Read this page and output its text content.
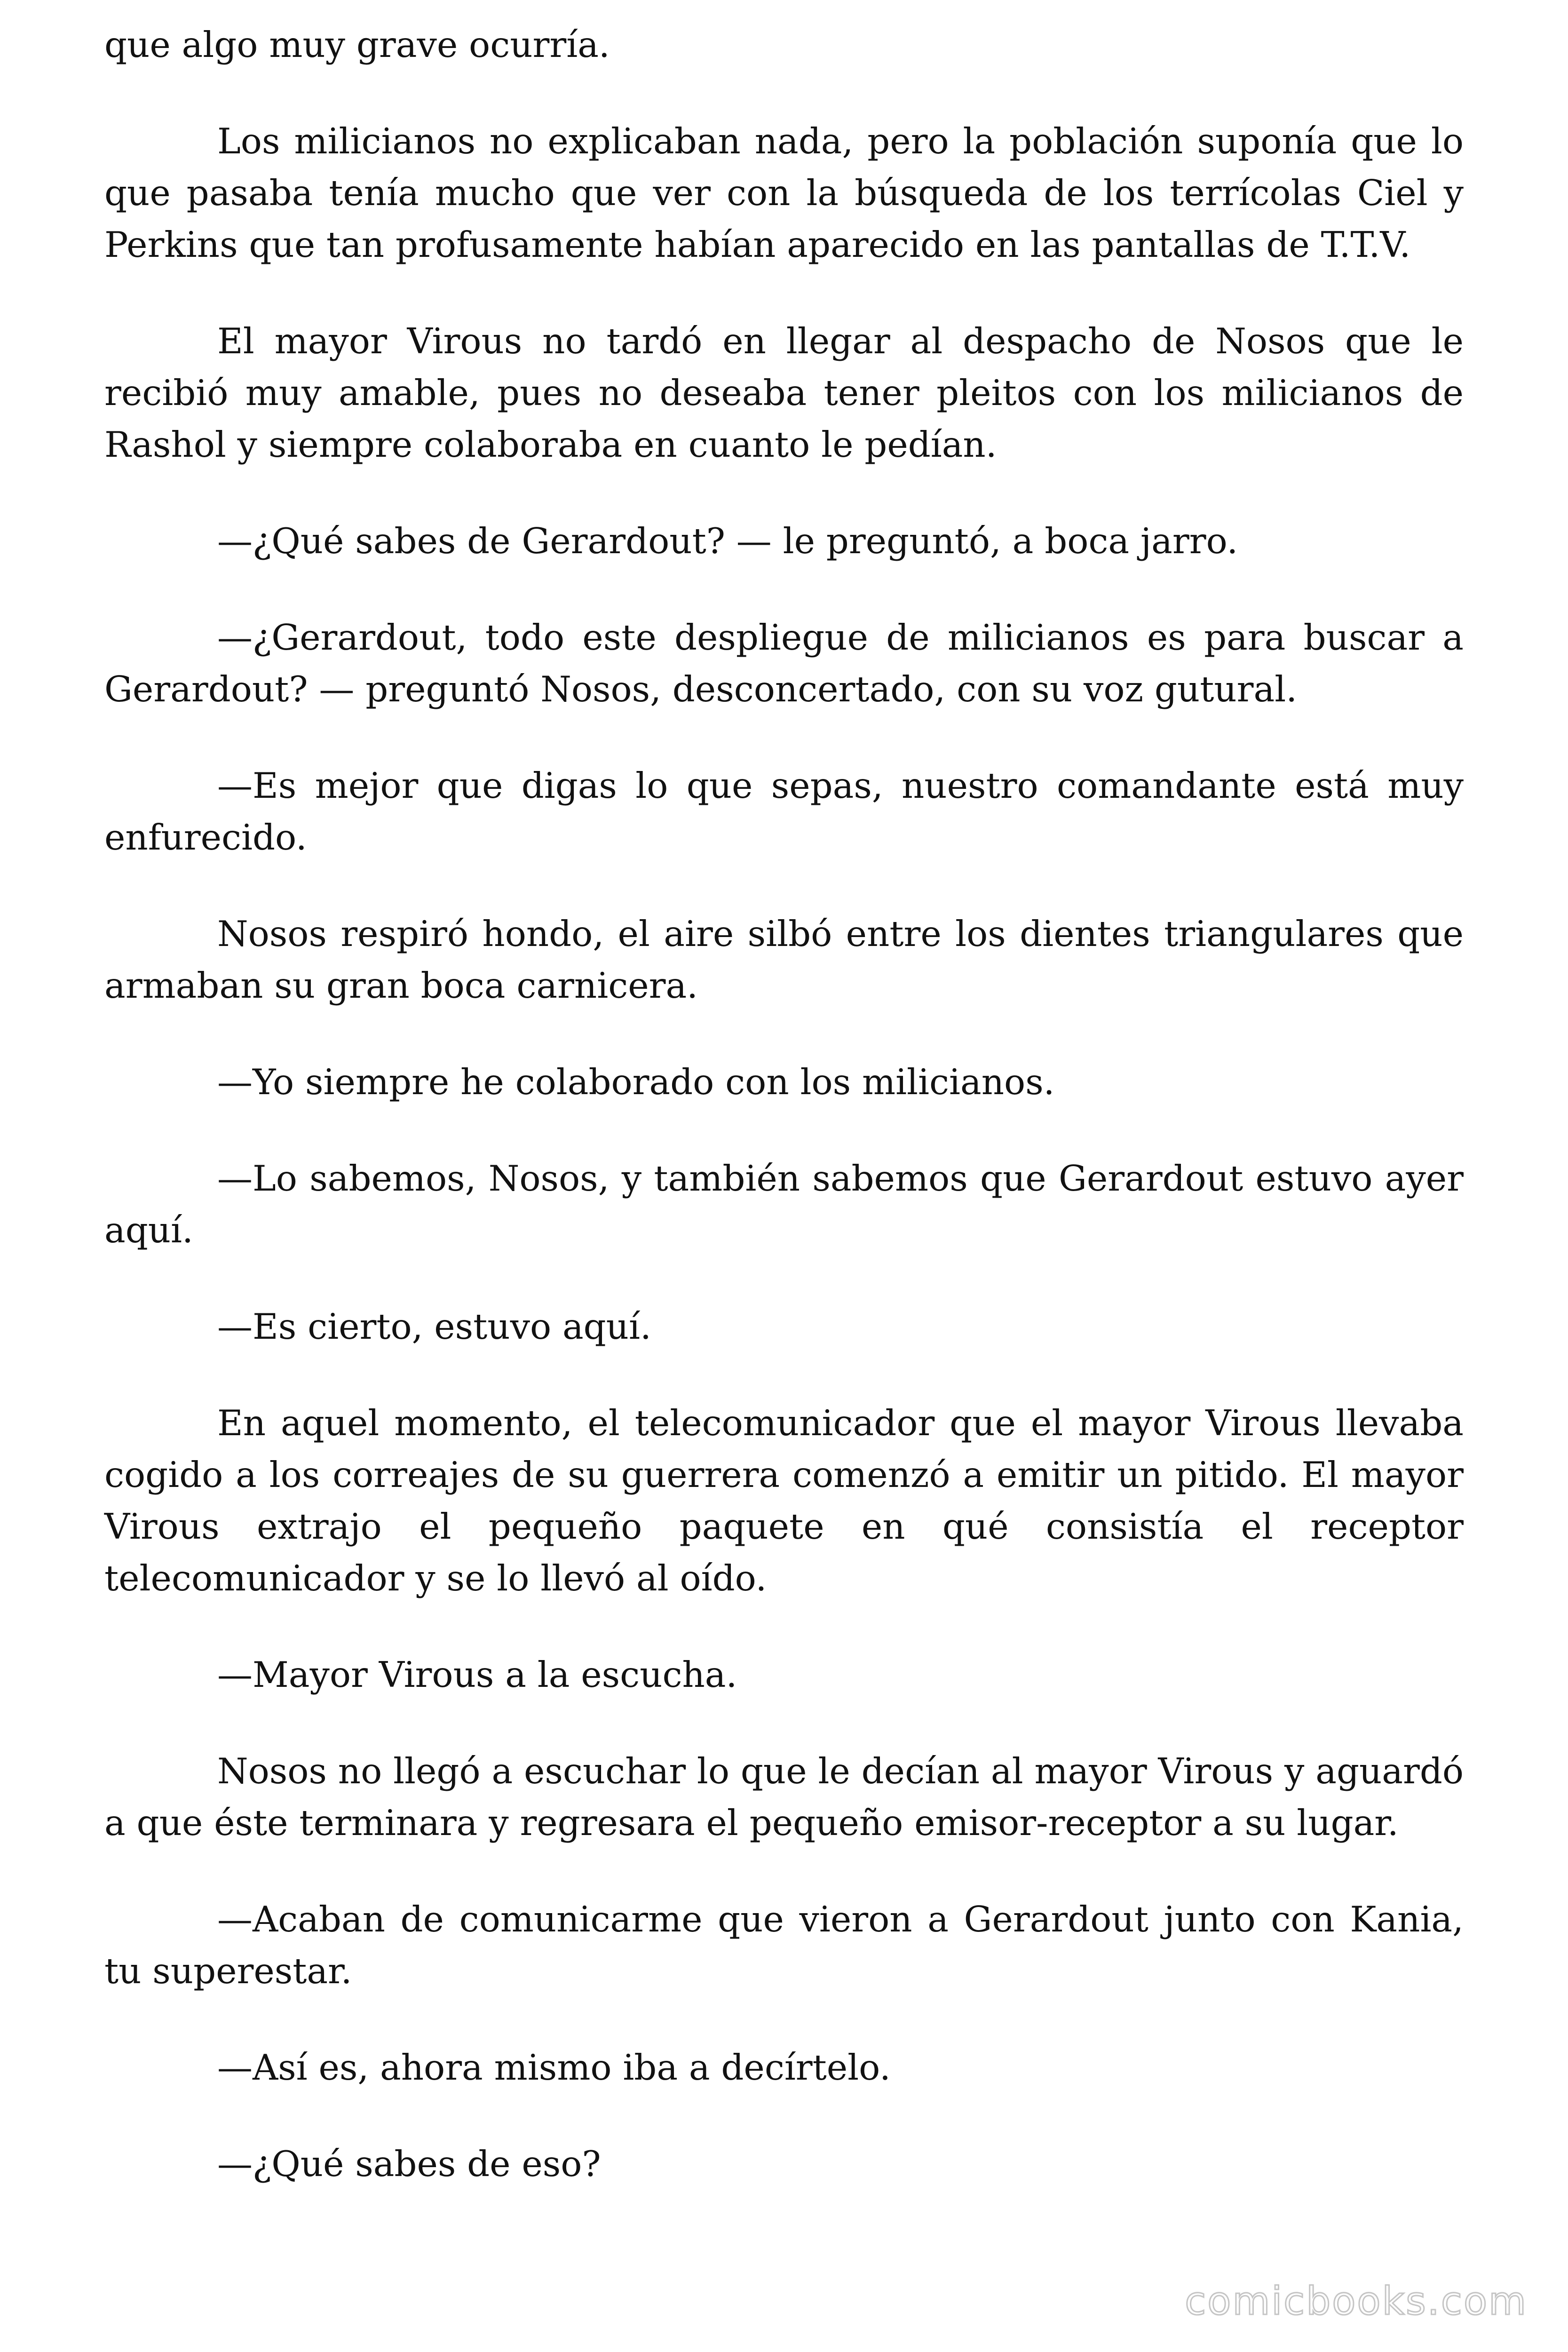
que algo muy grave ocurría.

Los milicianos no explicaban nada, pero la población suponía que lo que pasaba tenía mucho que ver con la búsqueda de los terrícolas Ciel y Perkins que tan profusamente habían aparecido en las pantallas de T.T.V.

El mayor Virous no tardó en llegar al despacho de Nosos que le recibió muy amable, pues no deseaba tener pleitos con los milicianos de Rashol y siempre colaboraba en cuanto le pedían.

—¿Qué sabes de Gerardout? — le preguntó, a boca jarro.

—¿Gerardout, todo este despliegue de milicianos es para buscar a Gerardout? — preguntó Nosos, desconcertado, con su voz gutural.

—Es mejor que digas lo que sepas, nuestro comandante está muy enfurecido.

Nosos respiró hondo, el aire silbó entre los dientes triangulares que armaban su gran boca carnicera.

—Yo siempre he colaborado con los milicianos.

—Lo sabemos, Nosos, y también sabemos que Gerardout estuvo ayer aquí.

—Es cierto, estuvo aquí.

En aquel momento, el telecomunicador que el mayor Virous llevaba cogido a los correajes de su guerrera comenzó a emitir un pitido. El mayor Virous extrajo el pequeño paquete en qué consistía el receptor telecomunicador y se lo llevó al oído.

—Mayor Virous a la escucha.

Nosos no llegó a escuchar lo que le decían al mayor Virous y aguardó a que éste terminara y regresara el pequeño emisor-receptor a su lugar.

—Acaban de comunicarme que vieron a Gerardout junto con Kania, tu superestar.

—Así es, ahora mismo iba a decírtelo.

—¿Qué sabes de eso?

comicbooks.com
